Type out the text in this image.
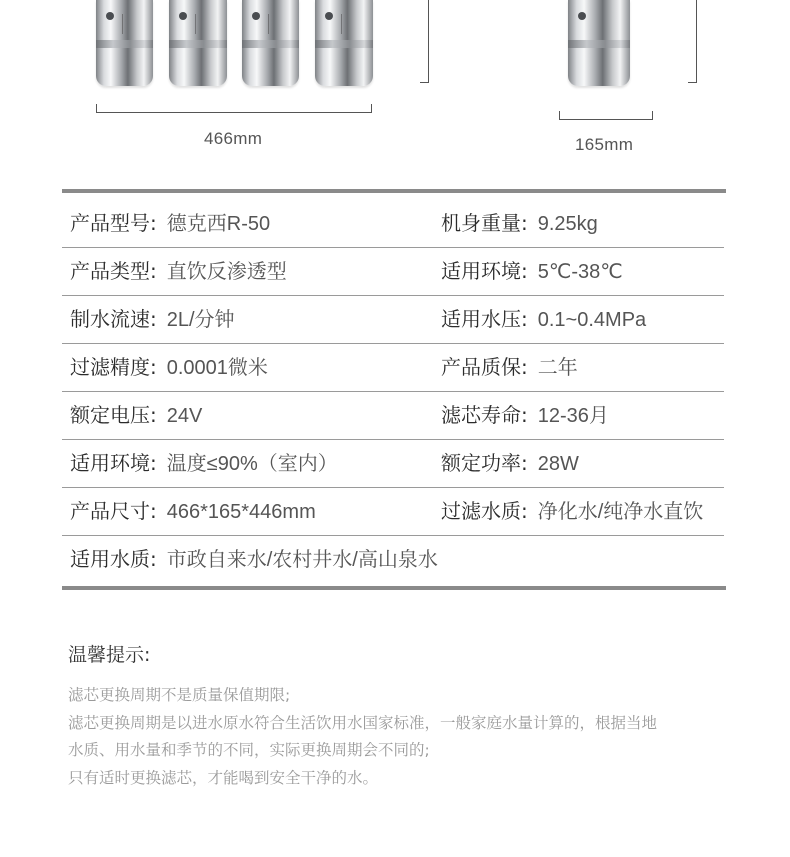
466mm	165mm
产品型号: 德克西R-50	机身重量: 9.25kg
产品类型: 直饮反渗透型	适用环境: 5℃-38℃
制水流速: 2L/分钟	适用水压: 0.1~0.4MPa
过滤精度: 0.0001微米	产品质保: 二年
额定电压: 24V	滤芯寿命: 12-36月
适用环境: 温度≤90%（室内）	额定功率: 28W
产品尺寸: 466*165*446mm	过滤水质: 净化水/纯净水直饮
适用水质: 市政自来水/农村井水/高山泉水
温馨提示:
滤芯更换周期不是质量保值期限;
滤芯更换周期是以进水原水符合生活饮用水国家标准，一般家庭水量计算的，根据当地
水质、用水量和季节的不同，实际更换周期会不同的;
只有适时更换滤芯，才能喝到安全干净的水。
